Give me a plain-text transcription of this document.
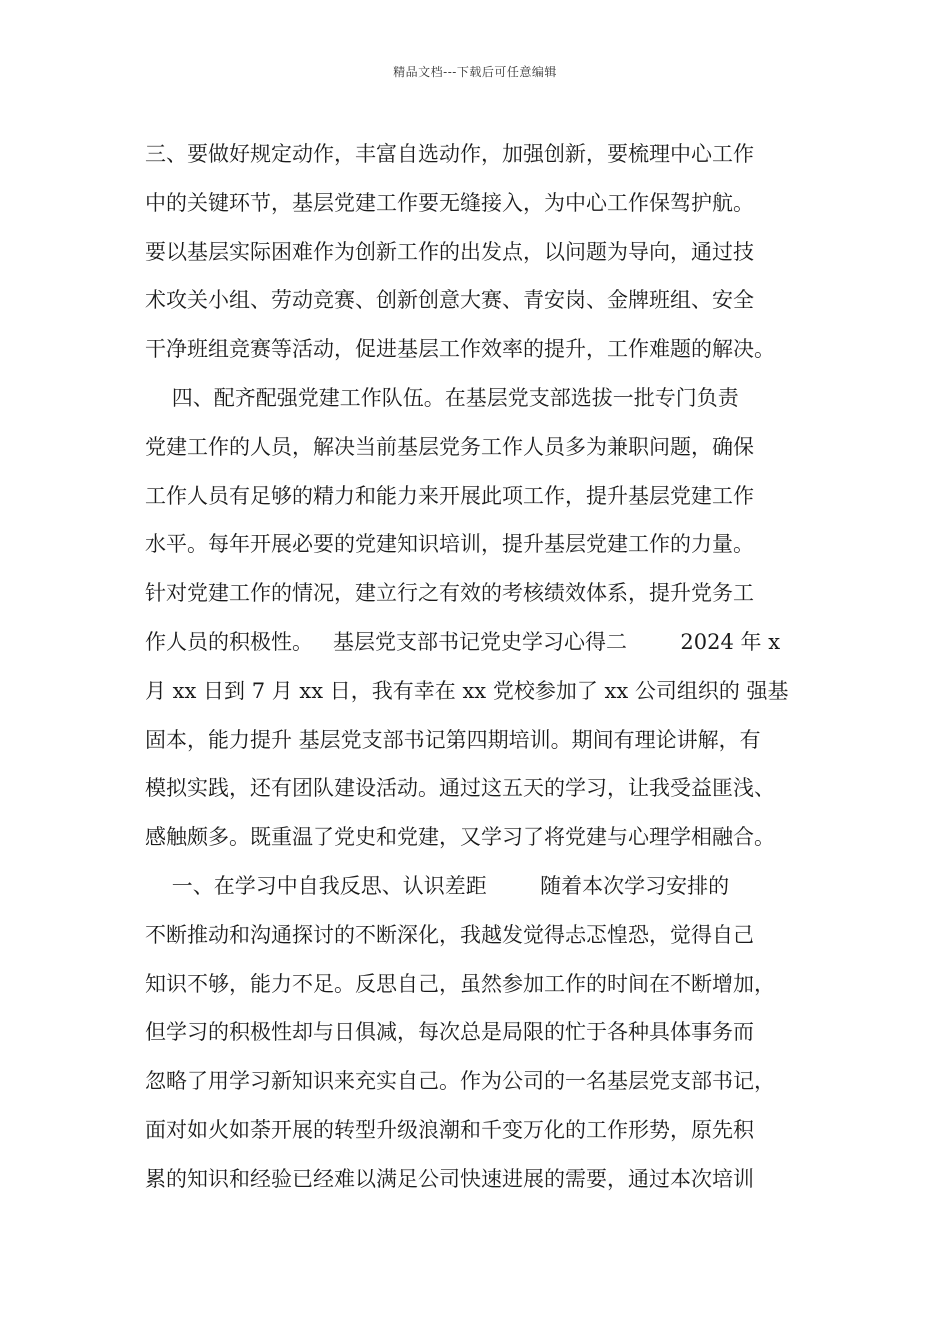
精品文档---下载后可任意编辑
三、要做好规定动作，丰富自选动作，加强创新，要梳理中心工作
中的关键环节，基层党建工作要无缝接入，为中心工作保驾护航。
要以基层实际困难作为创新工作的出发点，以问题为导向，通过技
术攻关小组、劳动竞赛、创新创意大赛、青安岗、金牌班组、安全
干净班组竞赛等活动，促进基层工作效率的提升，工作难题的解决。
四、配齐配强党建工作队伍。在基层党支部选拔一批专门负责
党建工作的人员，解决当前基层党务工作人员多为兼职问题，确保
工作人员有足够的精力和能力来开展此项工作，提升基层党建工作
水平。每年开展必要的党建知识培训，提升基层党建工作的力量。
针对党建工作的情况，建立行之有效的考核绩效体系，提升党务工
作人员的积极性。   基层党支部书记党史学习心得二        2024 年 x
月 xx 日到 7 月 xx 日，我有幸在 xx 党校参加了 xx 公司组织的 强基
固本，能力提升 基层党支部书记第四期培训。期间有理论讲解，有
模拟实践，还有团队建设活动。通过这五天的学习，让我受益匪浅、
感触颇多。既重温了党史和党建，又学习了将党建与心理学相融合。
一、在学习中自我反思、认识差距        随着本次学习安排的
不断推动和沟通探讨的不断深化，我越发觉得忐忑惶恐，觉得自己
知识不够，能力不足。反思自己，虽然参加工作的时间在不断增加，
但学习的积极性却与日俱减，每次总是局限的忙于各种具体事务而
忽略了用学习新知识来充实自己。作为公司的一名基层党支部书记，
面对如火如荼开展的转型升级浪潮和千变万化的工作形势，原先积
累的知识和经验已经难以满足公司快速进展的需要，通过本次培训
